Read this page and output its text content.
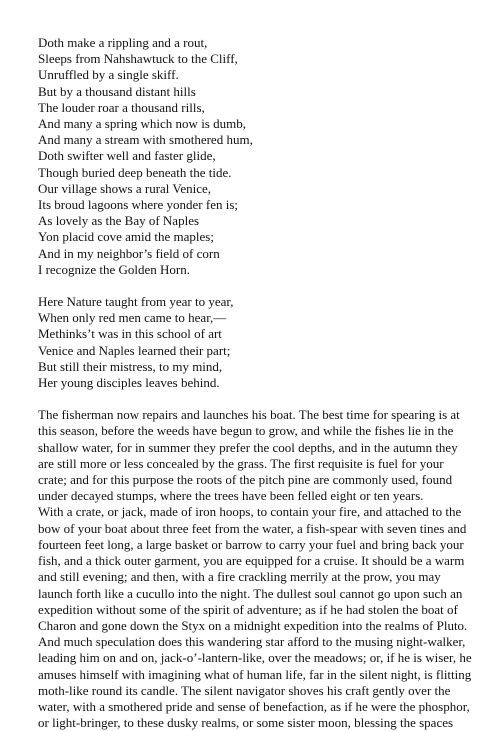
Doth make a rippling and a rout,
Sleeps from Nahshawtuck to the Cliff,
Unruffled by a single skiff.
But by a thousand distant hills
The louder roar a thousand rills,
And many a spring which now is dumb,
And many a stream with smothered hum,
Doth swifter well and faster glide,
Though buried deep beneath the tide.
Our village shows a rural Venice,
Its broud lagoons where yonder fen is;
As lovely as the Bay of Naples
Yon placid cove amid the maples;
And in my neighbor’s field of corn
I recognize the Golden Horn.
Here Nature taught from year to year,
When only red men came to hear,—
Methinks’t was in this school of art
Venice and Naples learned their part;
But still their mistress, to my mind,
Her young disciples leaves behind.
The fisherman now repairs and launches his boat. The best time for spearing is at
this season, before the weeds have begun to grow, and while the fishes lie in the
shallow water, for in summer they prefer the cool depths, and in the autumn they
are still more or less concealed by the grass. The first requisite is fuel for your
crate; and for this purpose the roots of the pitch pine are commonly used, found
under decayed stumps, where the trees have been felled eight or ten years.
With a crate, or jack, made of iron hoops, to contain your fire, and attached to the
bow of your boat about three feet from the water, a fish-spear with seven tines and
fourteen feet long, a large basket or barrow to carry your fuel and bring back your
fish, and a thick outer garment, you are equipped for a cruise. It should be a warm
and still evening; and then, with a fire crackling merrily at the prow, you may
launch forth like a cucullo into the night. The dullest soul cannot go upon such an
expedition without some of the spirit of adventure; as if he had stolen the boat of
Charon and gone down the Styx on a midnight expedition into the realms of Pluto.
And much speculation does this wandering star afford to the musing night-walker,
leading him on and on, jack-o’-lantern-like, over the meadows; or, if he is wiser, he
amuses himself with imagining what of human life, far in the silent night, is flitting
moth-like round its candle. The silent navigator shoves his craft gently over the
water, with a smothered pride and sense of benefaction, as if he were the phosphor,
or light-bringer, to these dusky realms, or some sister moon, blessing the spaces
